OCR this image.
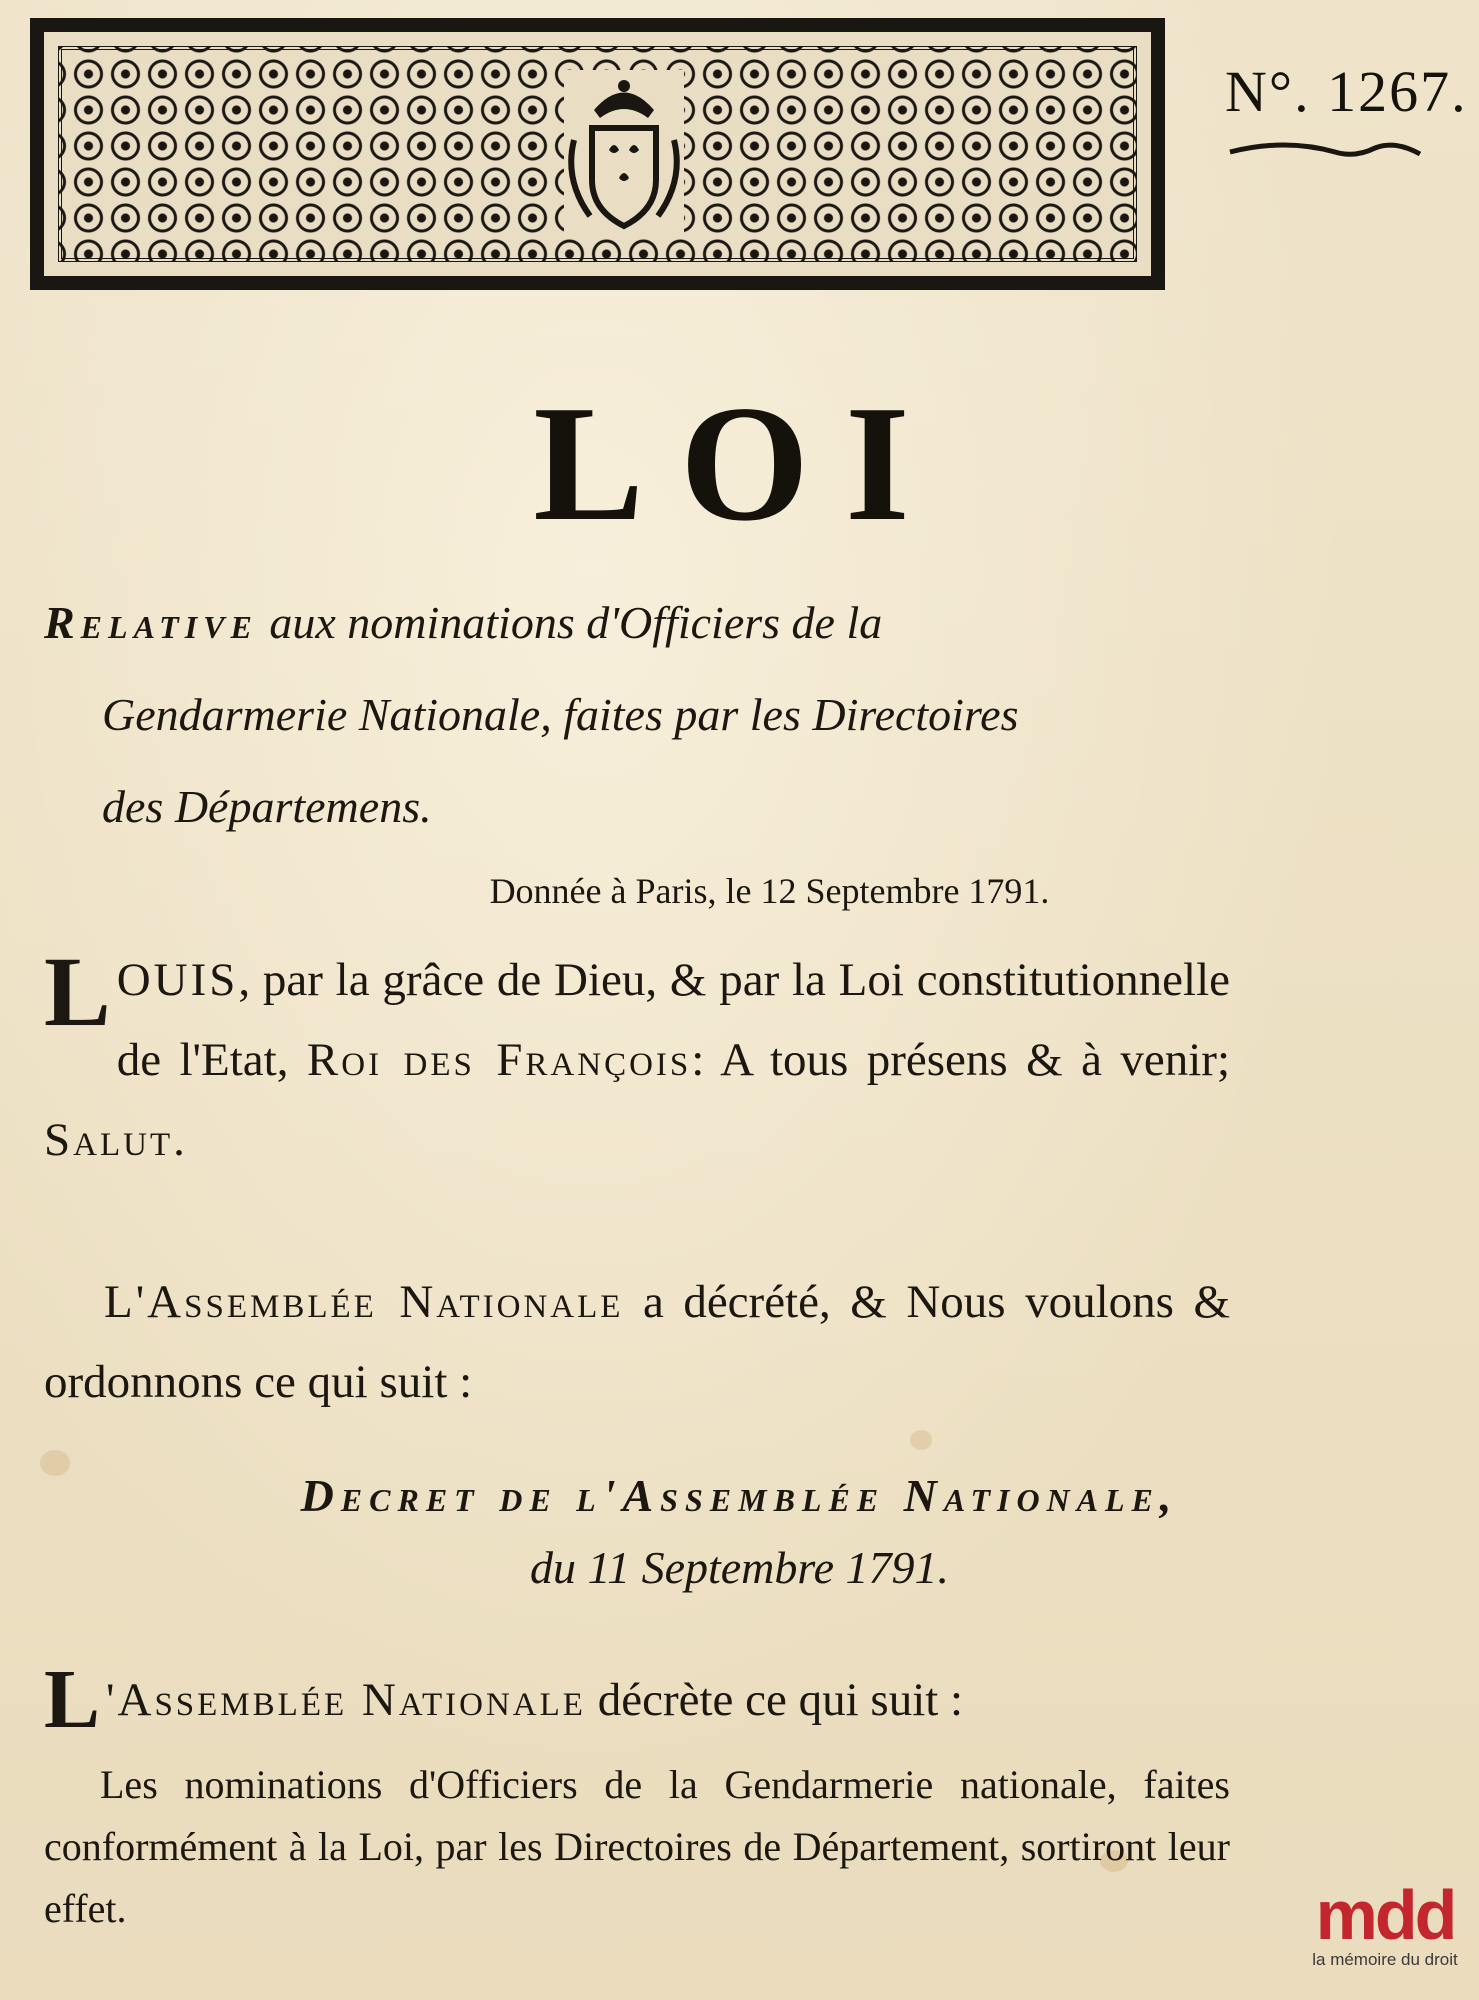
N°. 1267.
LOI
Relative aux nominations d'Officiers de la
Gendarmerie Nationale, faites par les Directoires
des Départemens.
Donnée à Paris, le 12 Septembre 1791.
LOUIS, par la grâce de Dieu, & par la Loi constitutionnelle de l'Etat, Roi des François: A tous présens & à venir; Salut.
L'Assemblée Nationale a décrété, & Nous voulons & ordonnons ce qui suit :
Decret de l'Assemblée Nationale,
du 11 Septembre 1791.
L 'Assemblée Nationale décrète ce qui suit :
Les nominations d'Officiers de la Gendarmerie nationale, faites conformément à la Loi, par les Directoires de Département, sortiront leur effet.	mdd
la mémoire du droit
